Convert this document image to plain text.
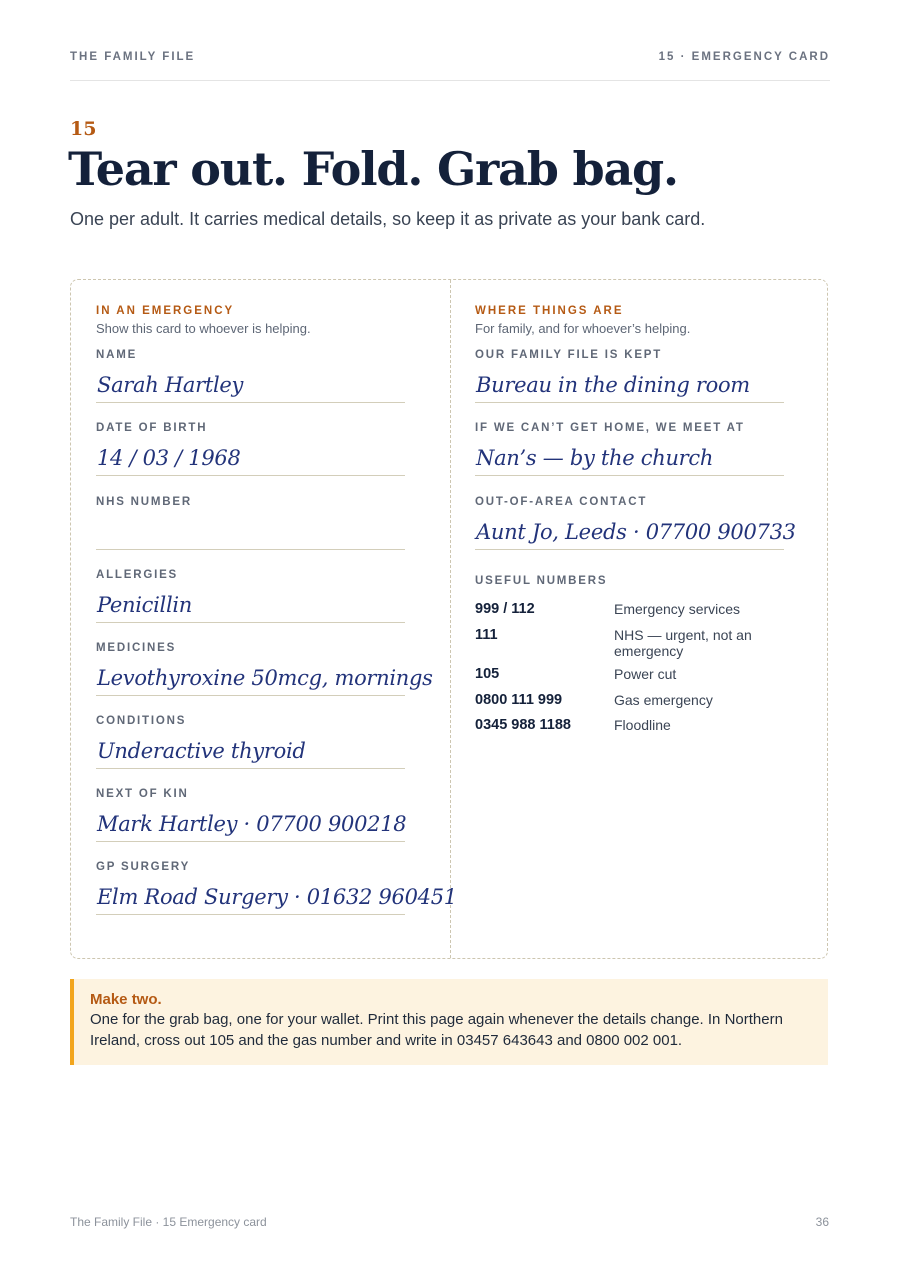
THE FAMILY FILE	15 · EMERGENCY CARD
15
Tear out. Fold. Grab bag.
One per adult. It carries medical details, so keep it as private as your bank card.
IN AN EMERGENCY
Show this card to whoever is helping.
NAME
Sarah Hartley
DATE OF BIRTH
14 / 03 / 1968
NHS NUMBER
ALLERGIES
Penicillin
MEDICINES
Levothyroxine 50mcg, mornings
CONDITIONS
Underactive thyroid
NEXT OF KIN
Mark Hartley · 07700 900218
GP SURGERY
Elm Road Surgery · 01632 960451
WHERE THINGS ARE
For family, and for whoever’s helping.
OUR FAMILY FILE IS KEPT
Bureau in the dining room
IF WE CAN’T GET HOME, WE MEET AT
Nan’s — by the church
OUT-OF-AREA CONTACT
Aunt Jo, Leeds · 07700 900733
USEFUL NUMBERS
999 / 112	Emergency services
111	NHS — urgent, not an emergency
105	Power cut
0800 111 999	Gas emergency
0345 988 1188	Floodline

Make two.

One for the grab bag, one for your wallet. Print this page again whenever the details change. In Northern Ireland, cross out 105 and the gas number and write in 03457 643643 and 0800 002 001.

The Family File · 15 Emergency card	36
